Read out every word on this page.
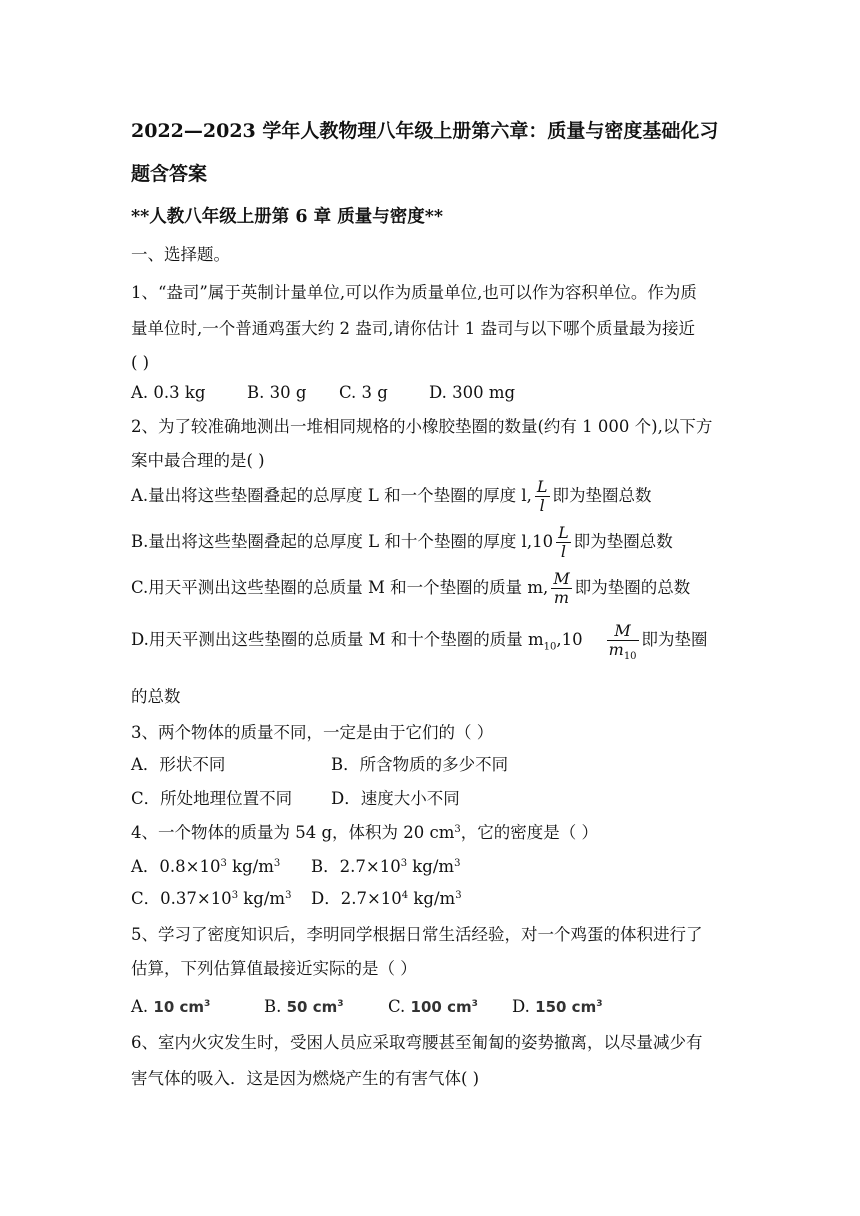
2022—2023 学年人教物理八年级上册第六章：质量与密度基础化习
题含答案
**人教八年级上册第 6 章 质量与密度**
一、选择题。
1、“盎司”属于英制计量单位,可以作为质量单位,也可以作为容积单位。作为质
量单位时,一个普通鸡蛋大约 2 盎司,请你估计 1 盎司与以下哪个质量最为接近
( )
A. 0.3 kg	B. 30 g C. 3 g D. 300 mg
2、为了较准确地测出一堆相同规格的小橡胶垫圈的数量(约有 1 000 个),以下方
案中最合理的是( )
A.量出将这些垫圈叠起的总厚度 L 和一个垫圈的厚度 l, $\frac{L}{l}$ 即为垫圈总数
B.量出将这些垫圈叠起的总厚度 L 和十个垫圈的厚度 $l,10 \frac{L}{l}$ 即为垫圈总数
C.用天平测出这些垫圈的总质量 M 和一个垫圈的质量 m, $\frac{M}{m}$ 即为垫圈的总数
D.用天平测出这些垫圈的总质量 M 和十个垫圈的质量 $m_{10},10 \frac{M}{m_{10}}$ 即为垫圈
的总数
3、两个物体的质量不同，一定是由于它们的（ ）
A．形状不同	B．所含物质的多少不同
C．所处地理位置不同 D．速度大小不同
4、一个物体的质量为 54 g，体积为 20 $cm^3$，它的密度是（ ）
A．$0.8\times 10^3$ $kg/m^3$ B．$2.7\times 10^3$ $kg/m^3$
C．$0.37\times 10^3$ $kg/m^3$ D．$2.7\times 10^4$ $kg/m^3$
5、学习了密度知识后，李明同学根据日常生活经验，对一个鸡蛋的体积进行了
估算，下列估算值最接近实际的是（ ）
A. 10 $cm^3$	B. 50 $cm^3$	C. 100 $cm^3$ D. 150 $cm^3$
6、室内火灾发生时，受困人员应采取弯腰甚至匍匐的姿势撤离，以尽量减少有
害气体的吸入．这是因为燃烧产生的有害气体( )
